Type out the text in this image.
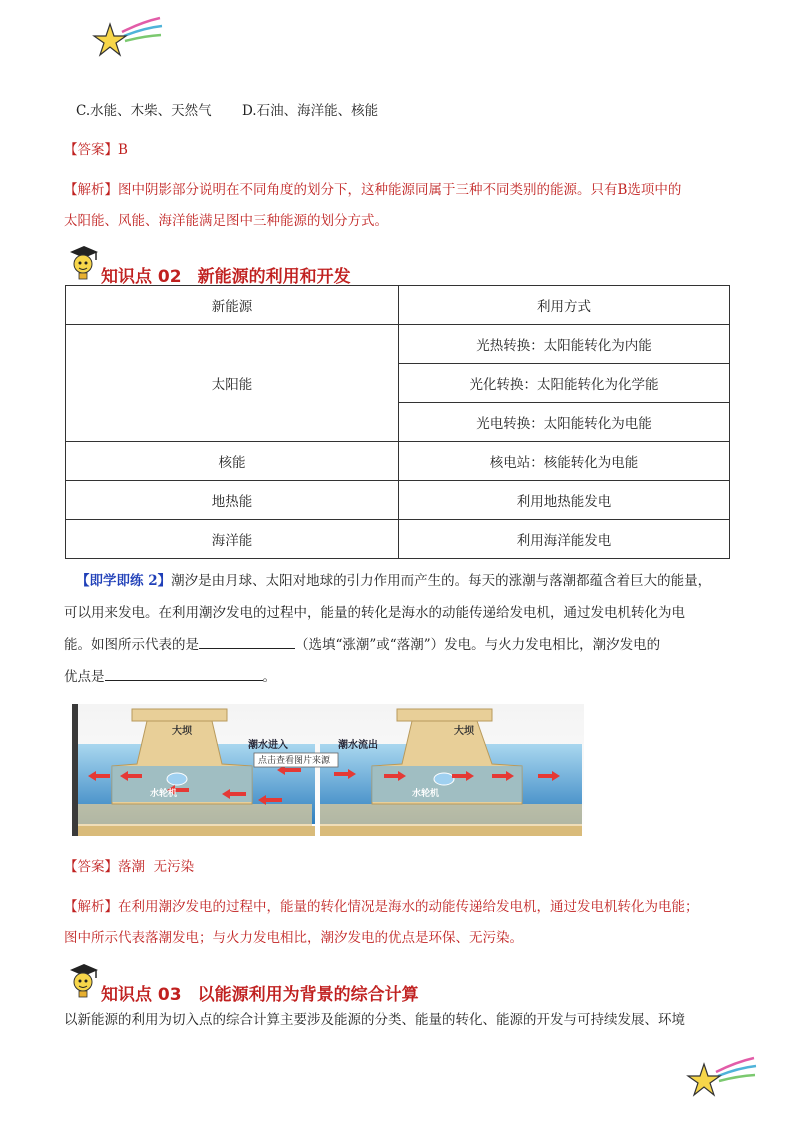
C.水能、木柴、天然气 D.石油、海洋能、核能
【答案】B
【解析】图中阴影部分说明在不同角度的划分下，这种能源同属于三种不同类别的能源。只有B选项中的
太阳能、风能、海洋能满足图中三种能源的划分方式。
知识点 02 新能源的利用和开发
新能源	利用方式
太阳能	光热转换：太阳能转化为内能
	光化转换：太阳能转化为化学能
	光电转换：太阳能转化为电能
核能	核电站：核能转化为电能
地热能	利用地热能发电
海洋能	利用海洋能发电
【即学即练 2】潮汐是由月球、太阳对地球的引力作用而产生的。每天的涨潮与落潮都蕴含着巨大的能量，
可以用来发电。在利用潮汐发电的过程中，能量的转化是海水的动能传递给发电机，通过发电机转化为电
能。如图所示代表的是	（选填“涨潮”或“落潮”）发电。与火力发电相比，潮汐发电的
优点是	。
大坝
水轮机
潮水进入
大坝
水轮机
潮水流出
点击查看图片来源
【答案】落潮  无污染
【解析】在利用潮汐发电的过程中，能量的转化情况是海水的动能传递给发电机，通过发电机转化为电能；
图中所示代表落潮发电；与火力发电相比，潮汐发电的优点是环保、无污染。
知识点 03 以能源利用为背景的综合计算
以新能源的利用为切入点的综合计算主要涉及能源的分类、能量的转化、能源的开发与可持续发展、环境
